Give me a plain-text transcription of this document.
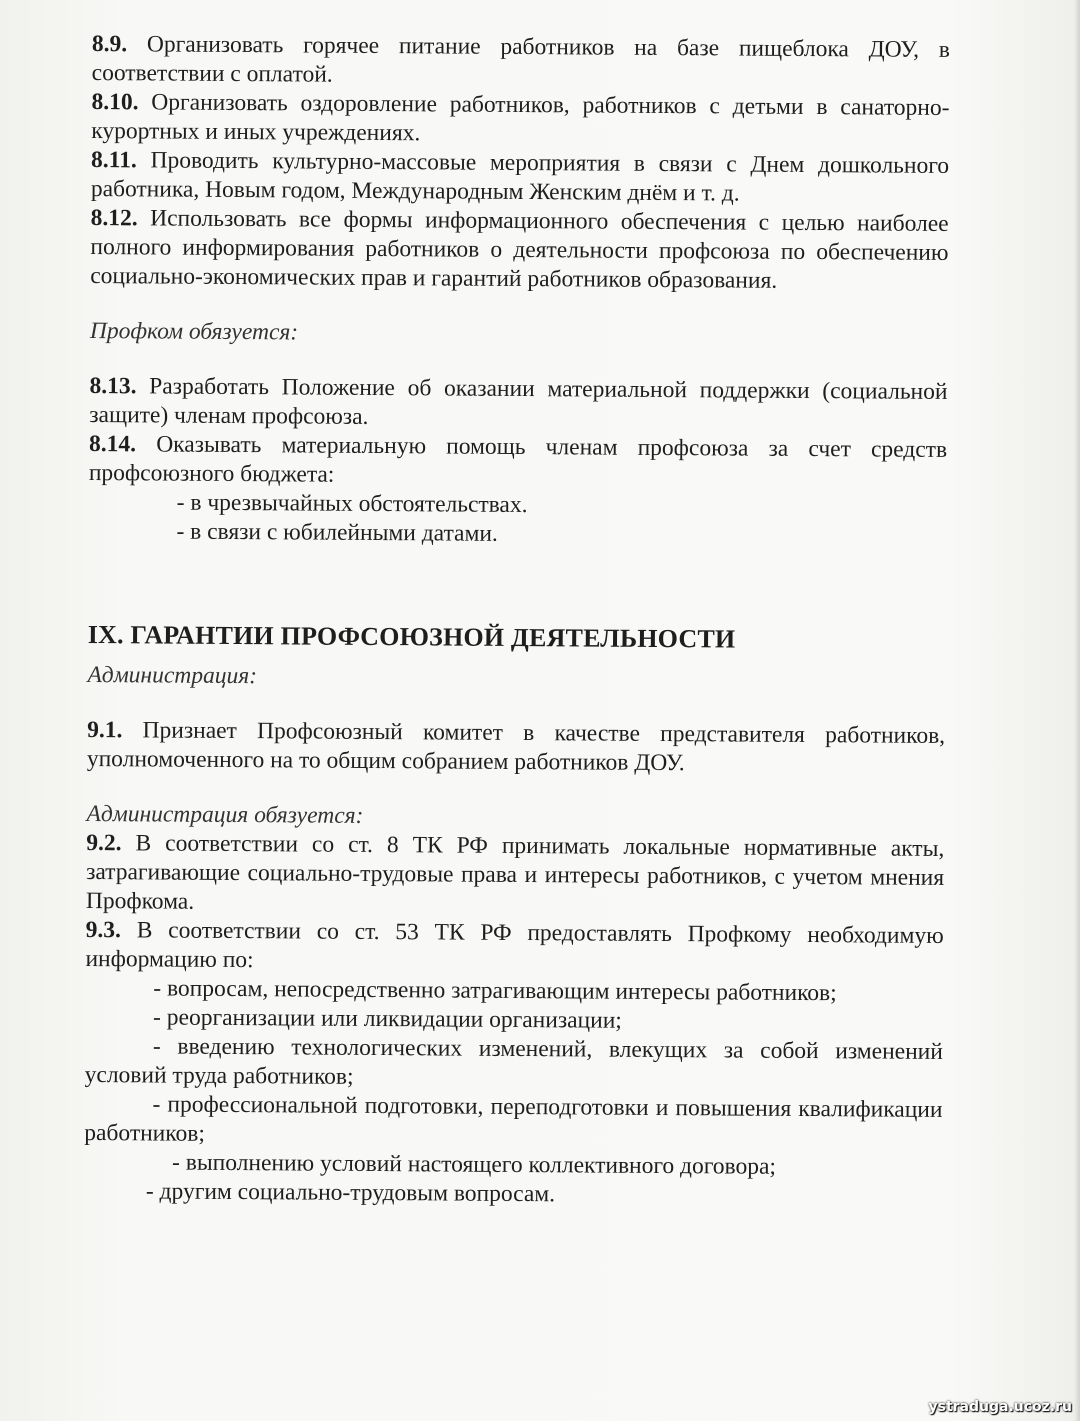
8.9. Организовать горячее питание работников на базе пищеблока ДОУ, в соответствии с оплатой.

8.10. Организовать оздоровление работников, работников с детьми в санаторно-курортных и иных учреждениях.

8.11. Проводить культурно-массовые мероприятия в связи с Днем дошкольного работника, Новым годом, Международным Женским днём и т. д.

8.12. Использовать все формы информационного обеспечения с целью наиболее полного информирования работников о деятельности профсоюза по обеспечению социально-экономических прав и гарантий работников образования.

Профком обязуется:

8.13. Разработать Положение об оказании материальной поддержки (социальной защите) членам профсоюза.

8.14. Оказывать материальную помощь членам профсоюза за счет средств профсоюзного бюджета:

- в чрезвычайных обстоятельствах.

- в связи с юбилейными датами.

IX. ГАРАНТИИ ПРОФСОЮЗНОЙ ДЕЯТЕЛЬНОСТИ

Администрация:

9.1. Признает Профсоюзный комитет в качестве представителя работников, уполномоченного на то общим собранием работников ДОУ.

Администрация обязуется:

9.2. В соответствии со ст. 8 ТК РФ принимать локальные нормативные акты, затрагивающие социально-трудовые права и интересы работников, с учетом мнения Профкома.

9.3. В соответствии со ст. 53 ТК РФ предоставлять Профкому необходимую информацию по:

- вопросам, непосредственно затрагивающим интересы работников;

- реорганизации или ликвидации организации;

- введению технологических изменений, влекущих за собой изменений условий труда работников;

- профессиональной подготовки, переподготовки и повышения квалификации работников;

- выполнению условий настоящего коллективного договора;

- другим социально-трудовым вопросам.

ystraduga.ucoz.ru
